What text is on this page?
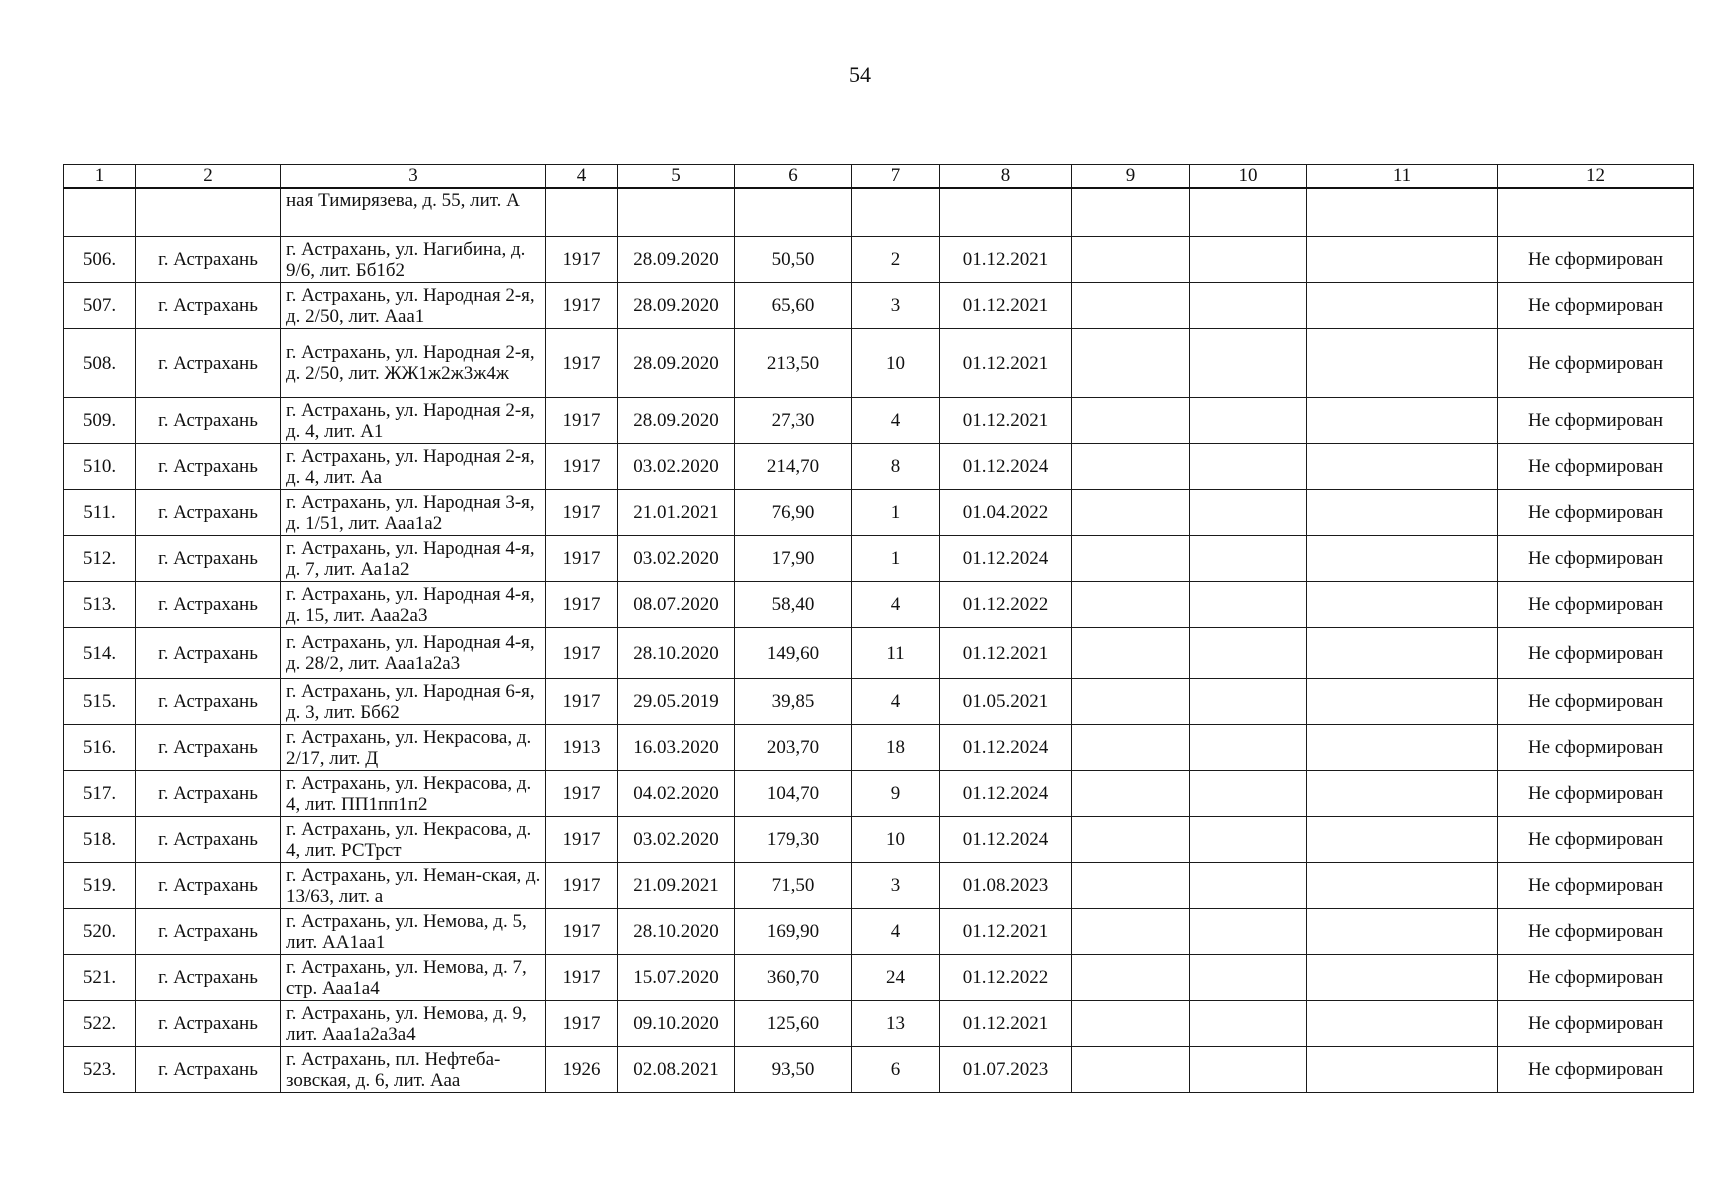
54
1	2	3	4	5	6	7	8	9	10	11	12
		ная Тимирязева, д. 55, лит. А									
506.	г. Астрахань	г. Астрахань, ул. Нагибина, д. 9/6, лит. Бб1б2	1917	28.09.2020	50,50	2	01.12.2021				Не сформирован
507.	г. Астрахань	г. Астрахань, ул. Народная 2-я, д. 2/50, лит. Ааа1	1917	28.09.2020	65,60	3	01.12.2021				Не сформирован
508.	г. Астрахань	г. Астрахань, ул. Народная 2-я, д. 2/50, лит. ЖЖ1ж2ж3ж4ж	1917	28.09.2020	213,50	10	01.12.2021				Не сформирован
509.	г. Астрахань	г. Астрахань, ул. Народная 2-я, д. 4, лит. А1	1917	28.09.2020	27,30	4	01.12.2021				Не сформирован
510.	г. Астрахань	г. Астрахань, ул. Народная 2-я, д. 4, лит. Аа	1917	03.02.2020	214,70	8	01.12.2024				Не сформирован
511.	г. Астрахань	г. Астрахань, ул. Народная 3-я, д. 1/51, лит. Ааа1а2	1917	21.01.2021	76,90	1	01.04.2022				Не сформирован
512.	г. Астрахань	г. Астрахань, ул. Народная 4-я, д. 7, лит. Аа1а2	1917	03.02.2020	17,90	1	01.12.2024				Не сформирован
513.	г. Астрахань	г. Астрахань, ул. Народная 4-я, д. 15, лит. Ааа2а3	1917	08.07.2020	58,40	4	01.12.2022				Не сформирован
514.	г. Астрахань	г. Астрахань, ул. Народная 4-я, д. 28/2, лит. Ааа1а2а3	1917	28.10.2020	149,60	11	01.12.2021				Не сформирован
515.	г. Астрахань	г. Астрахань, ул. Народная 6-я, д. 3, лит. Бб62	1917	29.05.2019	39,85	4	01.05.2021				Не сформирован
516.	г. Астрахань	г. Астрахань, ул. Некрасова, д. 2/17, лит. Д	1913	16.03.2020	203,70	18	01.12.2024				Не сформирован
517.	г. Астрахань	г. Астрахань, ул. Некрасова, д. 4, лит. ПП1пп1п2	1917	04.02.2020	104,70	9	01.12.2024				Не сформирован
518.	г. Астрахань	г. Астрахань, ул. Некрасова, д. 4, лит. РСТрст	1917	03.02.2020	179,30	10	01.12.2024				Не сформирован
519.	г. Астрахань	г. Астрахань, ул. Неман-ская, д. 13/63, лит. а	1917	21.09.2021	71,50	3	01.08.2023				Не сформирован
520.	г. Астрахань	г. Астрахань, ул. Немова, д. 5, лит. АА1аа1	1917	28.10.2020	169,90	4	01.12.2021				Не сформирован
521.	г. Астрахань	г. Астрахань, ул. Немова, д. 7, стр. Ааа1а4	1917	15.07.2020	360,70	24	01.12.2022				Не сформирован
522.	г. Астрахань	г. Астрахань, ул. Немова, д. 9, лит. Ааа1а2а3а4	1917	09.10.2020	125,60	13	01.12.2021				Не сформирован
523.	г. Астрахань	г. Астрахань, пл. Нефтеба-зовская, д. 6, лит. Ааа	1926	02.08.2021	93,50	6	01.07.2023				Не сформирован
